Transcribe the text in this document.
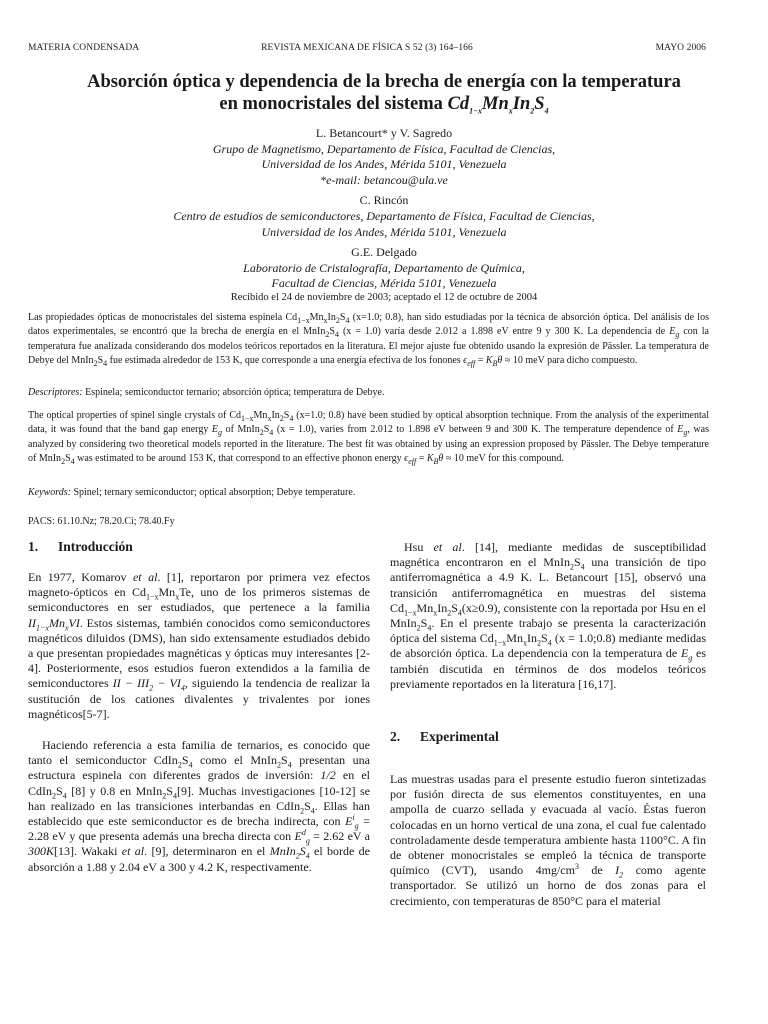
MATERIA CONDENSADA	REVISTA MEXICANA DE FÍSICA S 52 (3) 164–166	MAYO 2006
Absorción óptica y dependencia de la brecha de energía con la temperatura
en monocristales del sistema $Cd_{1-x}Mn_xIn_2S_4$
L. Betancourt* y V. Sagredo
Grupo de Magnetismo, Departamento de Física, Facultad de Ciencias,
Universidad de los Andes, Mérida 5101, Venezuela
*e-mail: betancou@ula.ve
C. Rincón
Centro de estudios de semiconductores, Departamento de Física, Facultad de Ciencias,
Universidad de los Andes, Mérida 5101, Venezuela
G.E. Delgado
Laboratorio de Cristalografía, Departamento de Química,
Facultad de Ciencias, Mérida 5101, Venezuela
Recibido el 24 de noviembre de 2003; aceptado el 12 de octubre de 2004
Las propiedades ópticas de monocristales del sistema espinela $Cd_{1-x}Mn_xIn_2S_4$ (x=1.0; 0.8), han sido estudiadas por la técnica de absorción óptica. Del análisis de los datos experimentales, se encontró que la brecha de energía en el $MnIn_2S_4$ (x = 1.0) varía desde 2.012 a 1.898 eV entre 9 y 300 K. La dependencia de $E_g$ con la temperatura fue analizada considerando dos modelos teóricos reportados en la literatura. El mejor ajuste fue obtenido usando la expresión de Pässler. La temperatura de Debye del $MnIn_2S_4$ fue estimada alrededor de 153 K, que corresponde a una energía efectiva de los fonones $\epsilon_{eff} = K_B\theta \approx 10$ meV para dicho compuesto.
Descriptores: Espinela; semiconductor ternario; absorción óptica; temperatura de Debye.
The optical properties of spinel single crystals of $Cd_{1-x}Mn_xIn_2S_4$ (x=1.0; 0.8) have been studied by optical absorption technique. From the analysis of the experimental data, it was found that the band gap energy $E_g$ of $MnIn_2S_4$ (x = 1.0), varies from 2.012 to 1.898 eV between 9 and 300 K. The temperature dependence of $E_g$, was analyzed by considering two theoretical models reported in the literature. The best fit was obtained by using an expression proposed by Pässler. The Debye temperature of $MnIn_2S_4$ was estimated to be around 153 K, that correspond to an effective phonon energy $\epsilon_{eff} = K_B\theta \approx 10$ meV for this compound.
Keywords: Spinel; ternary semiconductor; optical absorption; Debye temperature.
PACS: 61.10.Nz; 78.20.Ci; 78.40.Fy
1. Introducción
En 1977, Komarov et al. [1], reportaron por primera vez efectos magneto-ópticos en $Cd_{1-x}Mn_xTe$, uno de los primeros sistemas de semiconductores en ser estudiados, que pertenece a la familia $II_{1-x}Mn_xVI$. Estos sistemas, también conocidos como semiconductores magnéticos diluidos (DMS), han sido extensamente estudiados debido a que presentan propiedades magnéticas y ópticas muy interesantes [2-4]. Posteriormente, esos estudios fueron extendidos a la familia de semiconductores II − $III_2 - VI_4$, siguiendo la tendencia de realizar la sustitución de los cationes divalentes y trivalentes por iones magnéticos[5-7].
Haciendo referencia a esta familia de ternarios, es conocido que tanto el semiconductor $CdIn_2S_4$ como el $MnIn_2S_4$ presentan una estructura espinela con diferentes grados de inversión: 1/2 en el $CdIn_2S_4$ [8] y 0.8 en $MnIn_2S_4[9]$. Muchas investigaciones [10-12] se han realizado en las transiciones interbandas en $CdIn_2S_4$. Ellas han establecido que este semiconductor es de brecha indirecta, con $E^i_g = 2.28$ eV y que presenta además una brecha directa con $E^d_g = 2.62$ eV a 300K[13]. Wakaki et al. [9], determinaron en el $MnIn_2S_4$ el borde de absorción a 1.88 y 2.04 eV a 300 y 4.2 K, respectivamente.
Hsu et al. [14], mediante medidas de susceptibilidad magnética encontraron en el $MnIn_2S_4$ una transición de tipo antiferromagnética a 4.9 K. L. Betancourt [15], observó una transición antiferromagnética en muestras del sistema $Cd_{1-x}Mn_xIn_2S_4(x\ge 0.9)$, consistente con la reportada por Hsu en el $MnIn_2S_4$. En el presente trabajo se presenta la caracterización óptica del sistema $Cd_{1-x}Mn_xIn_2S_4$ (x = 1.0;0.8) mediante medidas de absorción óptica. La dependencia con la temperatura de $E_g$ es también discutida en términos de dos modelos teóricos previamente reportados en la literatura [16,17].
2. Experimental
Las muestras usadas para el presente estudio fueron sintetizadas por fusión directa de sus elementos constituyentes, en una ampolla de cuarzo sellada y evacuada al vacío. Éstas fueron colocadas en un horno vertical de una zona, el cual fue calentado controladamente desde temperatura ambiente hasta 1100°C. A fin de obtener monocristales se empleó la técnica de transporte químico (CVT), usando $4mg/cm^3$ de $I_2$ como agente transportador. Se utilizó un horno de dos zonas para el crecimiento, con temperaturas de 850°C para el material
